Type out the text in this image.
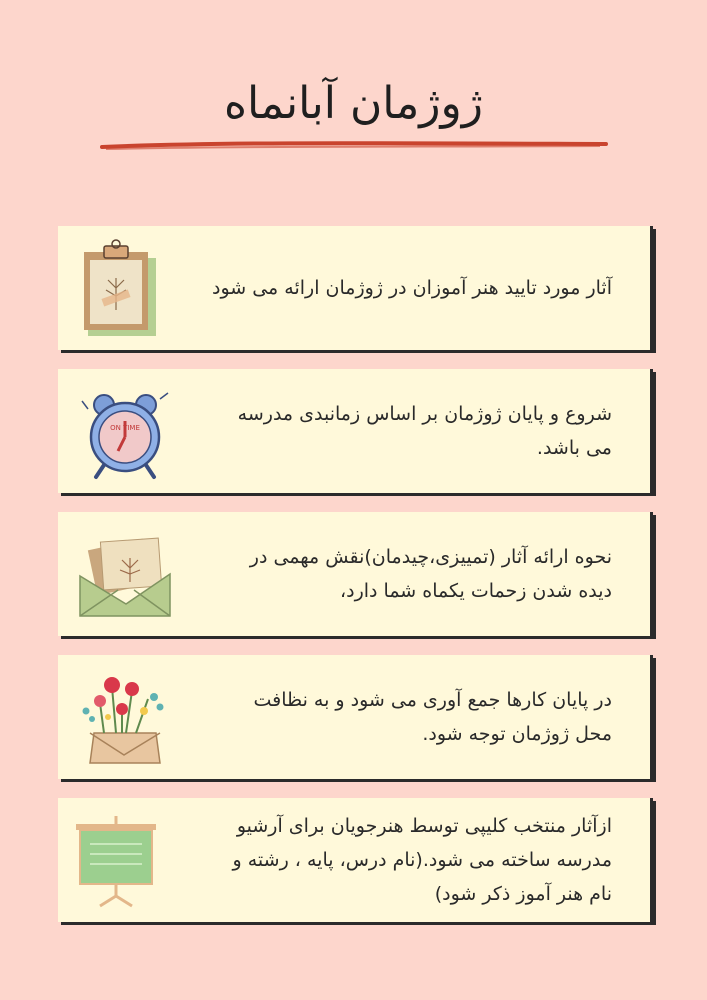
ژوژمان آبانماه
آثار مورد تایید هنر آموزان در ژوژمان ارائه می شود
ON TIME
شروع و پایان ژوژمان بر اساس زمانبدی مدرسه می باشد.
نحوه ارائه آثار (تمییزی،چیدمان)نقش مهمی در دیده شدن زحمات یکماه شما دارد،
در پایان کارها جمع آوری می شود و به نظافت محل ژوژمان توجه شود.
ازآثار منتخب کلیپی توسط هنرجویان برای آرشیو مدرسه ساخته می شود.(نام درس، پایه ، رشته و نام هنر آموز ذکر شود)
